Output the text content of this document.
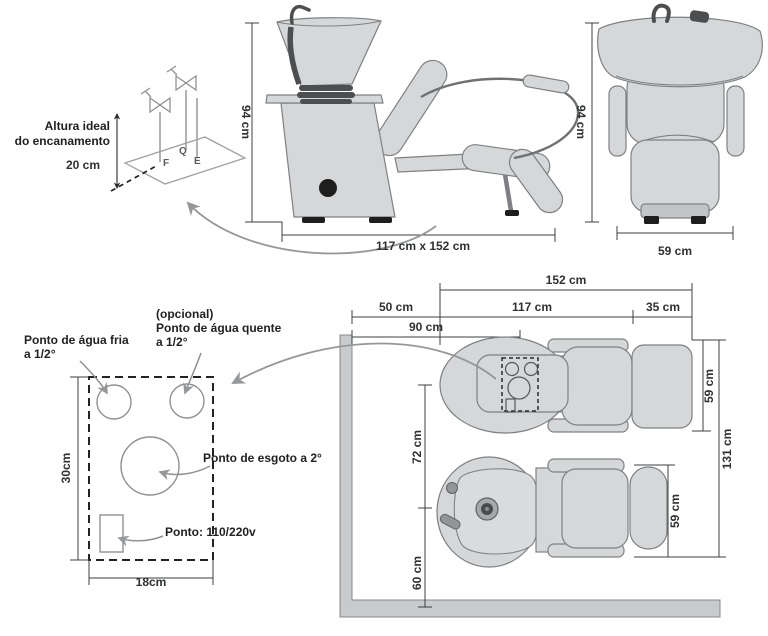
Altura ideal
do encanamento
20 cm	F
Q
E
94 cm
117 cm x 152 cm
94 cm
59 cm
(opcional)
Ponto de água quente
a 1/2°
Ponto de água fria
a 1/2°
Ponto de esgoto a 2°
Ponto: 110/220v
30cm
18cm
152 cm
50 cm	117 cm	35 cm
90 cm
59 cm
131 cm
59 cm
72 cm
60 cm
